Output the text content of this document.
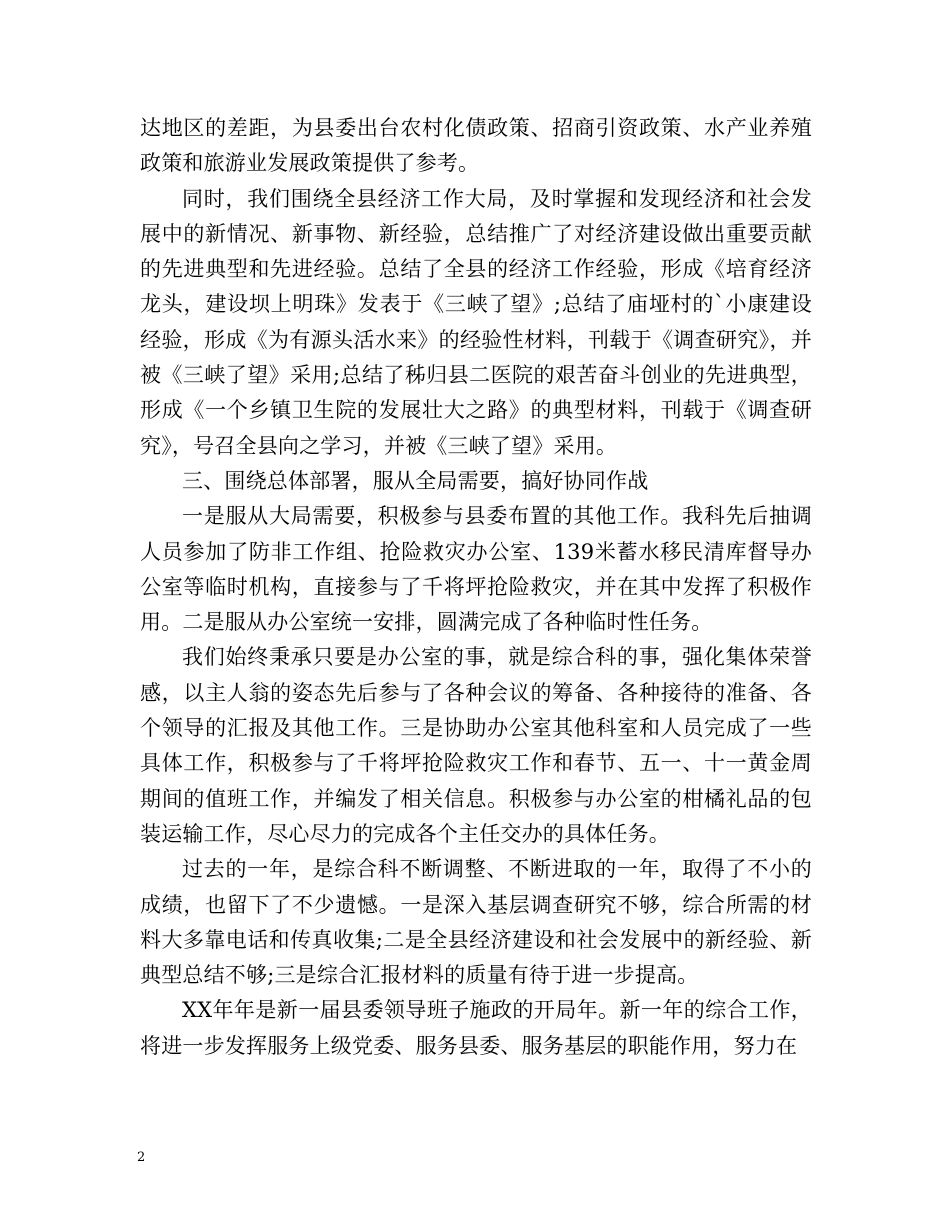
达地区的差距，为县委出台农村化债政策、招商引资政策、水产业养殖政策和旅游业发展政策提供了参考。

同时，我们围绕全县经济工作大局，及时掌握和发现经济和社会发展中的新情况、新事物、新经验，总结推广了对经济建设做出重要贡献的先进典型和先进经验。总结了全县的经济工作经验，形成《培育经济龙头，建设坝上明珠》发表于《三峡了望》;总结了庙垭村的`小康建设经验，形成《为有源头活水来》的经验性材料，刊载于《调查研究》，并被《三峡了望》采用;总结了秭归县二医院的艰苦奋斗创业的先进典型，形成《一个乡镇卫生院的发展壮大之路》的典型材料，刊载于《调查研究》，号召全县向之学习，并被《三峡了望》采用。

三、围绕总体部署，服从全局需要，搞好协同作战

一是服从大局需要，积极参与县委布置的其他工作。我科先后抽调人员参加了防非工作组、抢险救灾办公室、139米蓄水移民清库督导办公室等临时机构，直接参与了千将坪抢险救灾，并在其中发挥了积极作用。二是服从办公室统一安排，圆满完成了各种临时性任务。

我们始终秉承只要是办公室的事，就是综合科的事，强化集体荣誉感，以主人翁的姿态先后参与了各种会议的筹备、各种接待的准备、各个领导的汇报及其他工作。三是协助办公室其他科室和人员完成了一些具体工作，积极参与了千将坪抢险救灾工作和春节、五一、十一黄金周期间的值班工作，并编发了相关信息。积极参与办公室的柑橘礼品的包装运输工作，尽心尽力的完成各个主任交办的具体任务。

过去的一年，是综合科不断调整、不断进取的一年，取得了不小的成绩，也留下了不少遗憾。一是深入基层调查研究不够，综合所需的材料大多靠电话和传真收集;二是全县经济建设和社会发展中的新经验、新典型总结不够;三是综合汇报材料的质量有待于进一步提高。

XX年年是新一届县委领导班子施政的开局年。新一年的综合工作，将进一步发挥服务上级党委、服务县委、服务基层的职能作用，努力在

2
